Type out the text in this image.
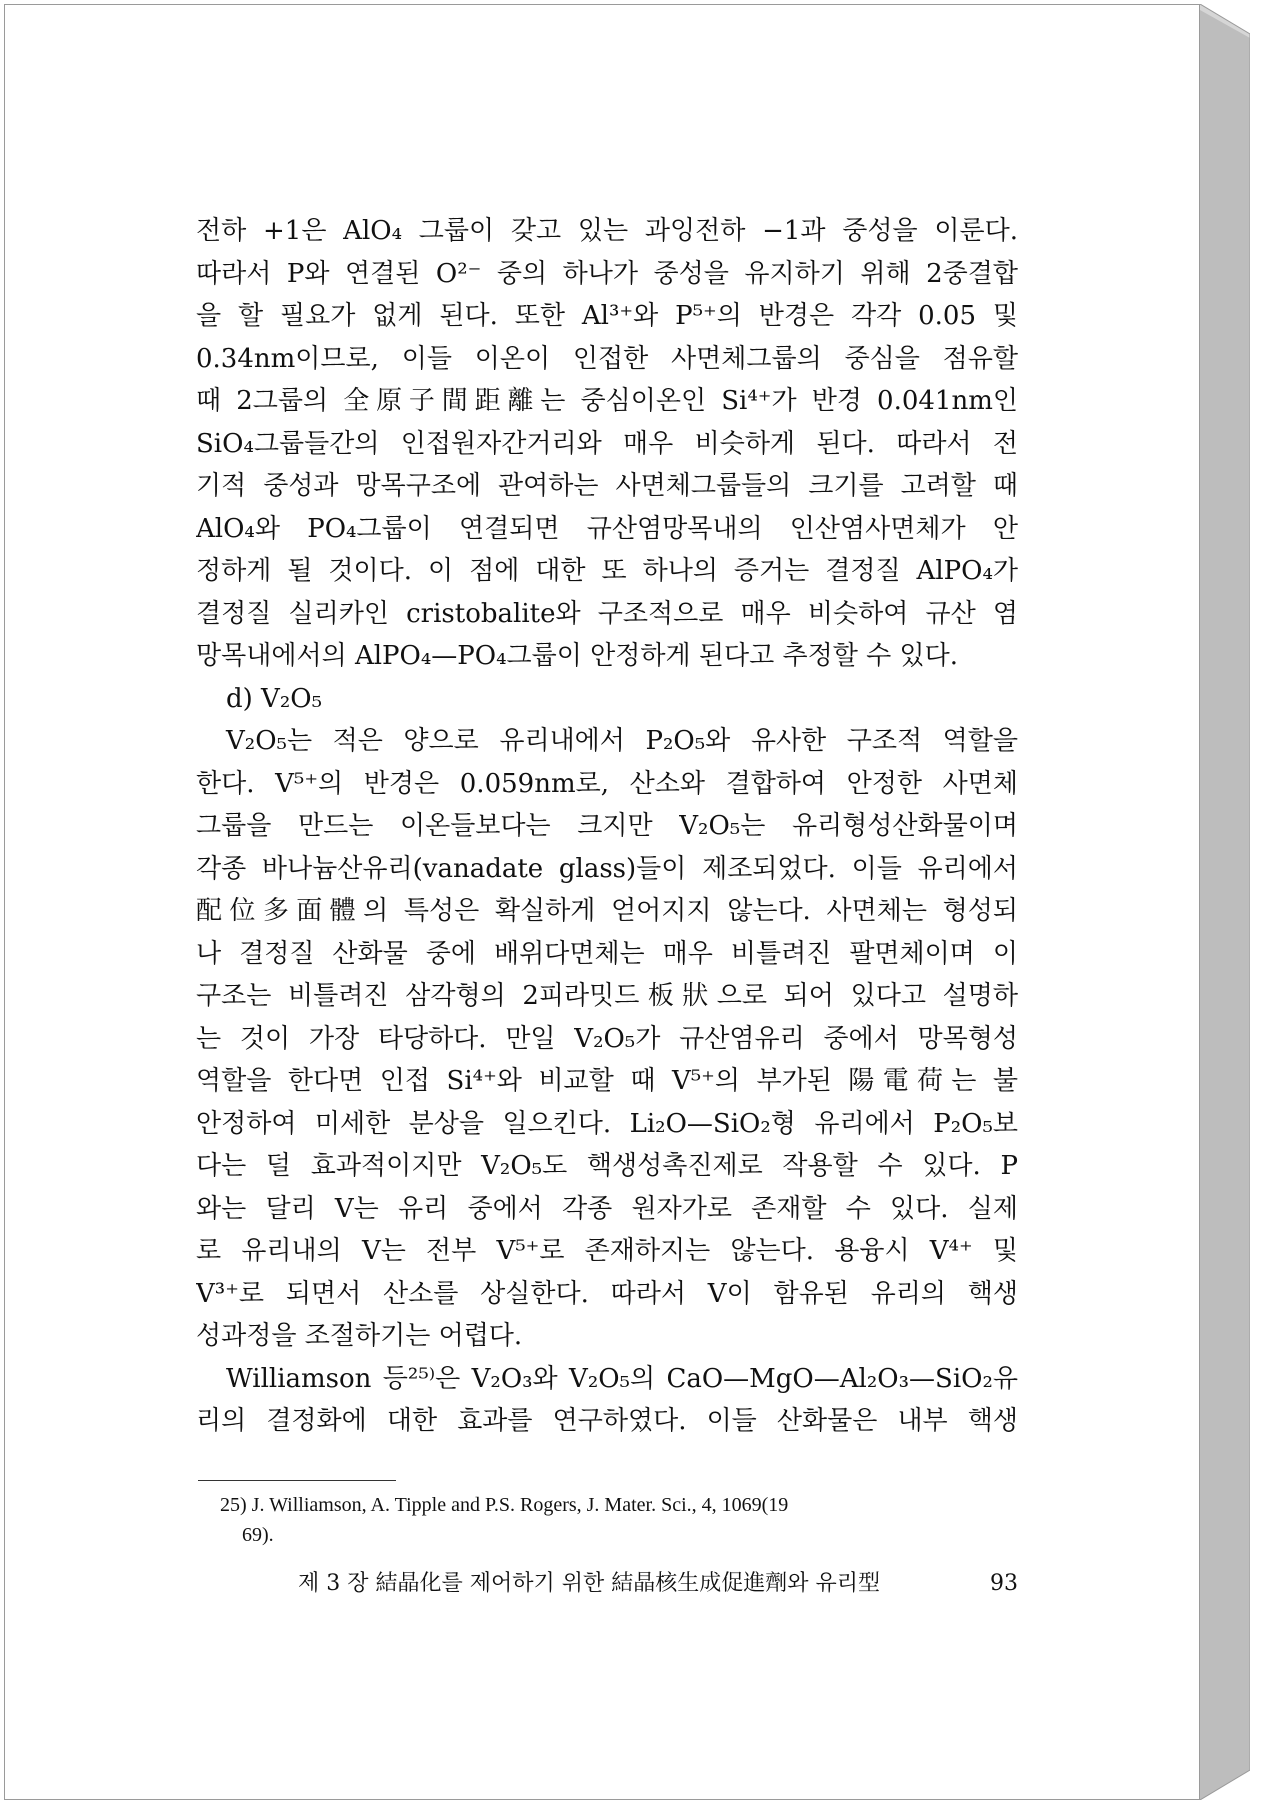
전하 +1은 AlO₄ 그룹이 갖고 있는 과잉전하 −1과 중성을 이룬다.
따라서 P와 연결된 O²⁻ 중의 하나가 중성을 유지하기 위해 2중결합
을 할 필요가 없게 된다. 또한 Al³⁺와 P⁵⁺의 반경은 각각 0.05 및
0.34nm이므로, 이들 이온이 인접한 사면체그룹의 중심을 점유할
때 2그룹의 全原子間距離는 중심이온인 Si⁴⁺가 반경 0.041nm인
SiO₄그룹들간의 인접원자간거리와 매우 비슷하게 된다. 따라서 전
기적 중성과 망목구조에 관여하는 사면체그룹들의 크기를 고려할 때
AlO₄와 PO₄그룹이 연결되면 규산염망목내의 인산염사면체가 안
정하게 될 것이다. 이 점에 대한 또 하나의 증거는 결정질 AlPO₄가
결정질 실리카인 cristobalite와 구조적으로 매우 비슷하여 규산 염
망목내에서의 AlPO₄—PO₄그룹이 안정하게 된다고 추정할 수 있다.
d) V₂O₅
V₂O₅는 적은 양으로 유리내에서 P₂O₅와 유사한 구조적 역할을
한다. V⁵⁺의 반경은 0.059nm로, 산소와 결합하여 안정한 사면체
그룹을 만드는 이온들보다는 크지만 V₂O₅는 유리형성산화물이며
각종 바나늄산유리(vanadate glass)들이 제조되었다. 이들 유리에서
配位多面體의 특성은 확실하게 얻어지지 않는다. 사면체는 형성되
나 결정질 산화물 중에 배위다면체는 매우 비틀려진 팔면체이며 이
구조는 비틀려진 삼각형의 2피라밋드板狀으로 되어 있다고 설명하
는 것이 가장 타당하다. 만일 V₂O₅가 규산염유리 중에서 망목형성
역할을 한다면 인접 Si⁴⁺와 비교할 때 V⁵⁺의 부가된 陽電荷는 불
안정하여 미세한 분상을 일으킨다. Li₂O—SiO₂형 유리에서 P₂O₅보
다는 덜 효과적이지만 V₂O₅도 핵생성촉진제로 작용할 수 있다. P
와는 달리 V는 유리 중에서 각종 원자가로 존재할 수 있다. 실제
로 유리내의 V는 전부 V⁵⁺로 존재하지는 않는다. 용융시 V⁴⁺ 및
V³⁺로 되면서 산소를 상실한다. 따라서 V이 함유된 유리의 핵생
성과정을 조절하기는 어렵다.
Williamson 등²⁵⁾은 V₂O₃와 V₂O₅의 CaO—MgO—Al₂O₃—SiO₂유
리의 결정화에 대한 효과를 연구하였다. 이들 산화물은 내부 핵생
25) J. Williamson, A. Tipple and P.S. Rogers, J. Mater. Sci., 4, 1069(19
69).
제 3 장 結晶化를 제어하기 위한 結晶核生成促進劑와 유리型	93
